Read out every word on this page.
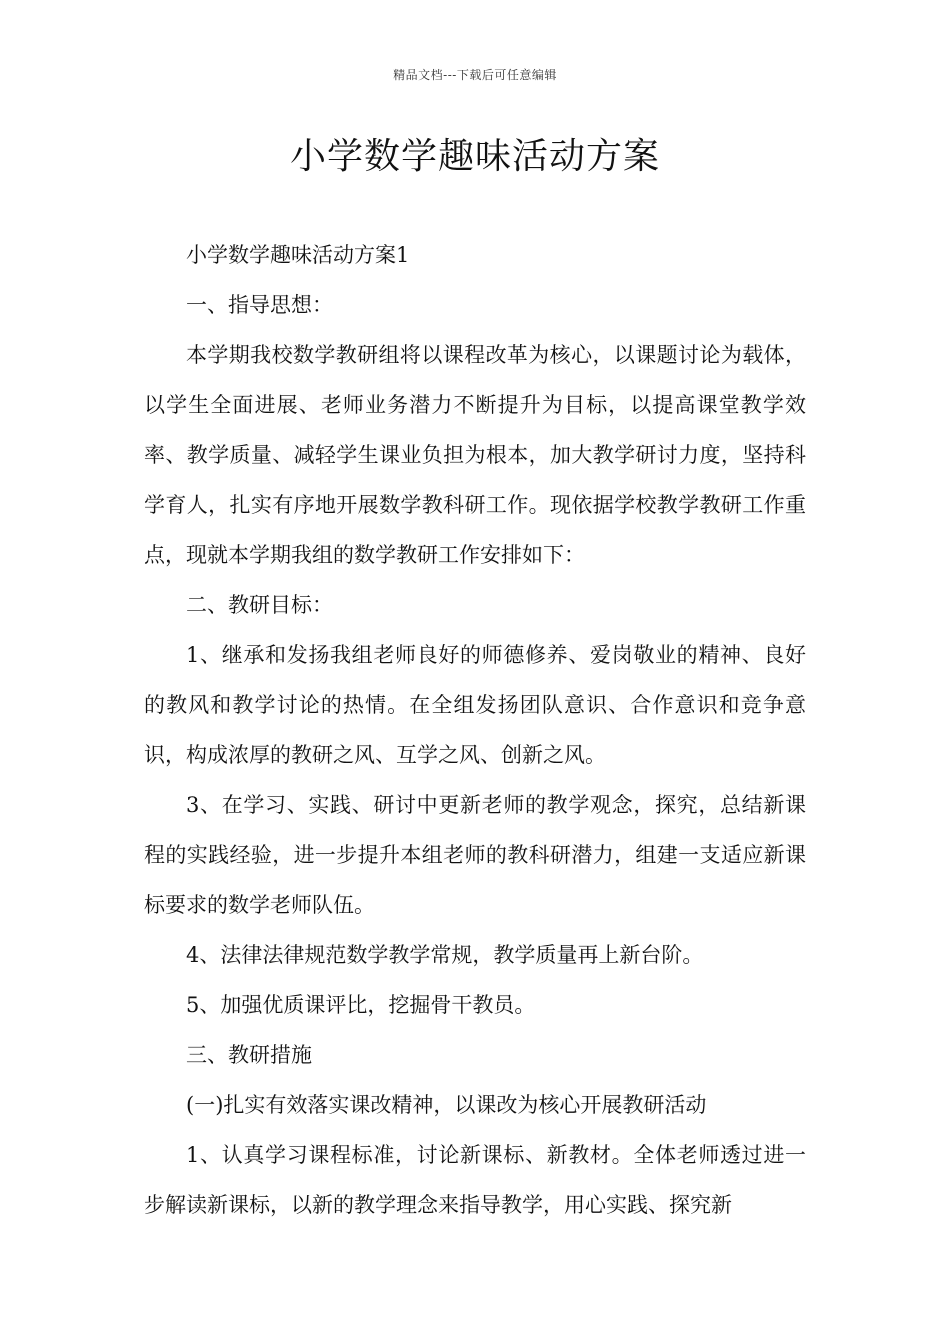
精品文档---下载后可任意编辑
小学数学趣味活动方案

小学数学趣味活动方案1

一、指导思想：

本学期我校数学教研组将以课程改革为核心，以课题讨论为载体，以学生全面进展、老师业务潜力不断提升为目标，以提高课堂教学效率、教学质量、减轻学生课业负担为根本，加大教学研讨力度，坚持科学育人，扎实有序地开展数学教科研工作。现依据学校教学教研工作重点，现就本学期我组的数学教研工作安排如下：

二、教研目标：

1、继承和发扬我组老师良好的师德修养、爱岗敬业的精神、良好的教风和教学讨论的热情。在全组发扬团队意识、合作意识和竞争意识，构成浓厚的教研之风、互学之风、创新之风。

3、在学习、实践、研讨中更新老师的教学观念，探究，总结新课程的实践经验，进一步提升本组老师的教科研潜力，组建一支适应新课标要求的数学老师队伍。

4、法律法律规范数学教学常规，教学质量再上新台阶。

5、加强优质课评比，挖掘骨干教员。

三、教研措施

(一)扎实有效落实课改精神，以课改为核心开展教研活动

1、认真学习课程标准，讨论新课标、新教材。全体老师透过进一步解读新课标，以新的教学理念来指导教学，用心实践、探究新
